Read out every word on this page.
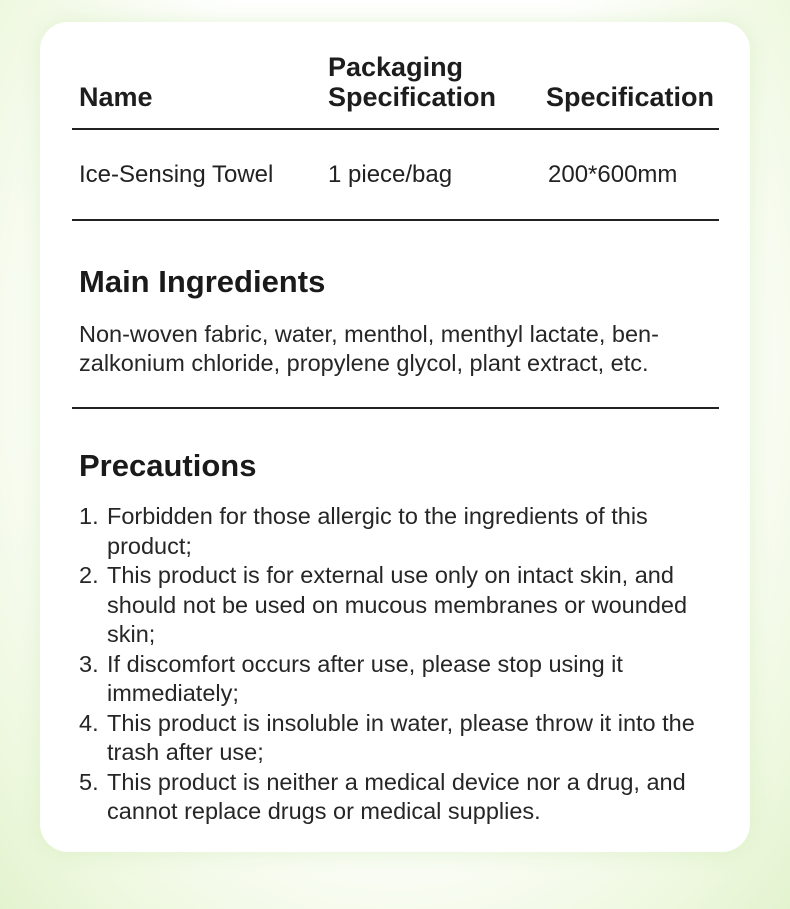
Name
Packaging Specification	Specification
Ice-Sensing Towel 1 piece/bag	200*600mm
Main Ingredients
Non-woven fabric, water, menthol, menthyl lactate, ben-
zalkonium chloride, propylene glycol, plant extract, etc.
Precautions
1. Forbidden for those allergic to the ingredients of this product;
2. This product is for external use only on intact skin, and should not be used on mucous membranes or wounded skin;
3. If discomfort occurs after use, please stop using it immediately;
4. This product is insoluble in water, please throw it into the trash after use;
5. This product is neither a medical device nor a drug, and cannot replace drugs or medical supplies.
